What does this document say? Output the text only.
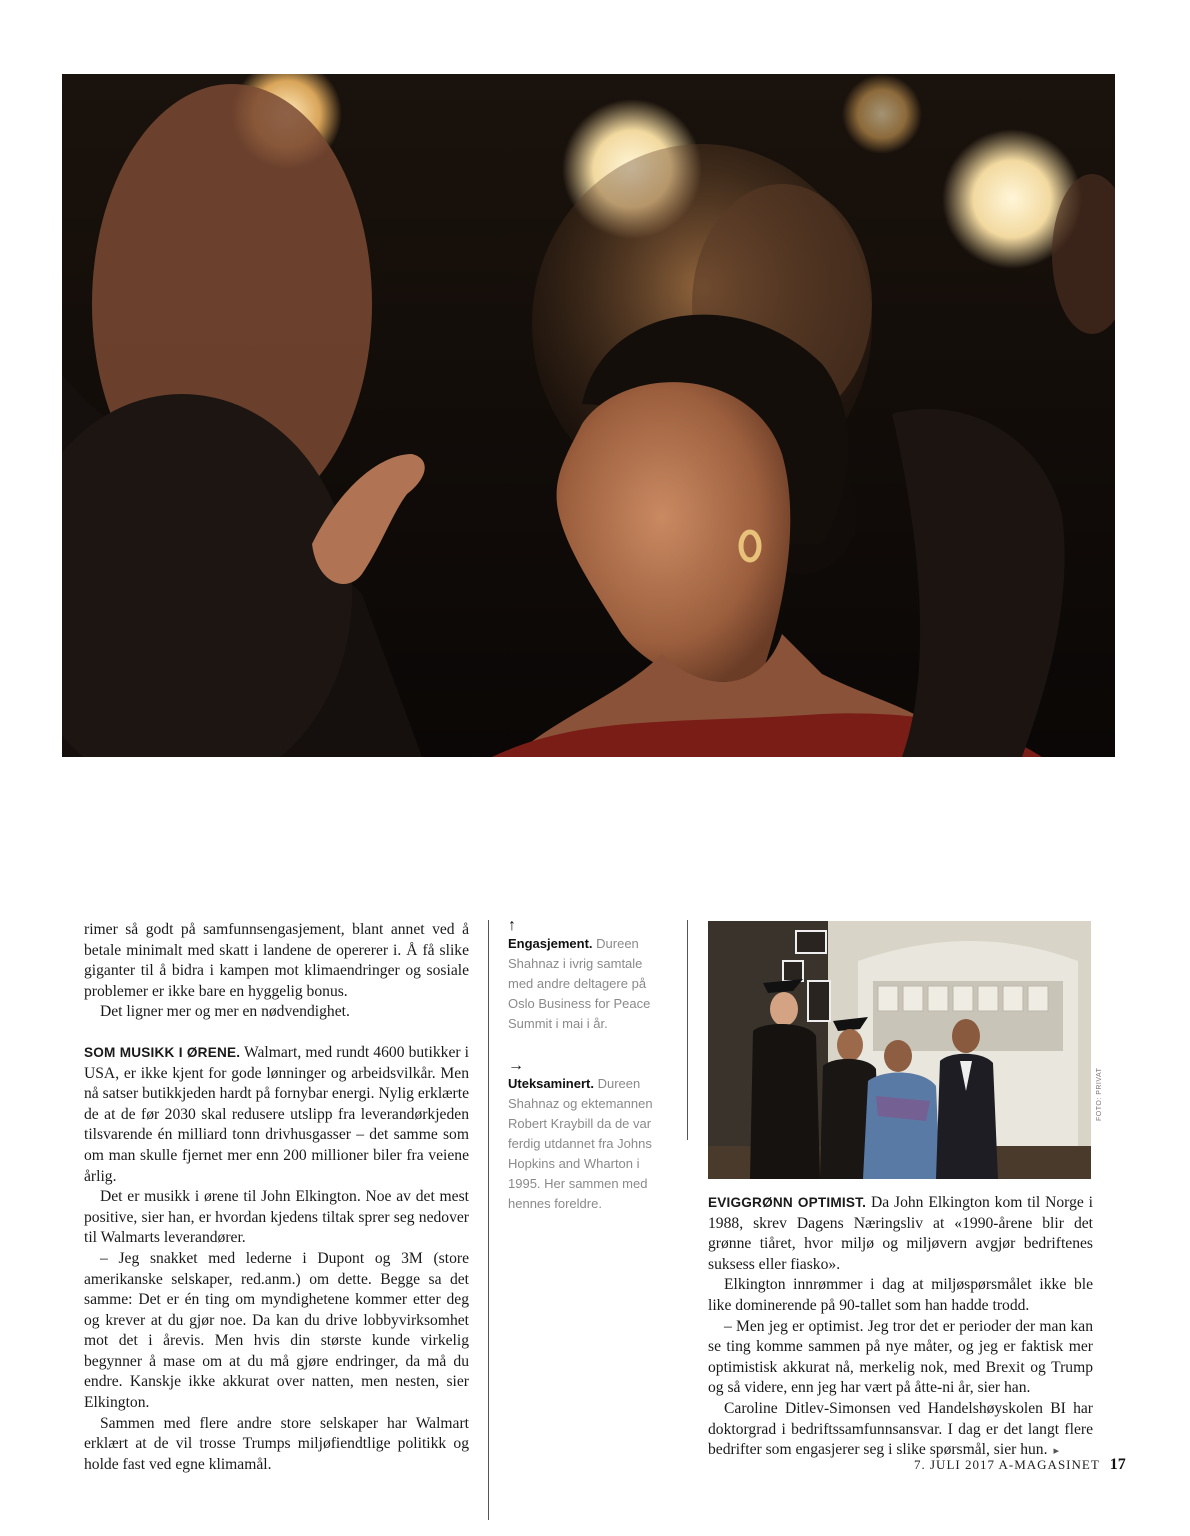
rimer så godt på samfunnsengasjement, blant annet ved å betale minimalt med skatt i landene de opererer i. Å få slike giganter til å bidra i kampen mot klimaendringer og sosiale problemer er ikke bare en hyggelig bonus.

Det ligner mer og mer en nødvendighet.

SOM MUSIKK I ØRENE. Walmart, med rundt 4600 butikker i USA, er ikke kjent for gode lønninger og arbeidsvilkår. Men nå satser butikkjeden hardt på fornybar energi. Nylig erklærte de at de før 2030 skal redusere utslipp fra leverandørkjeden tilsvarende én milliard tonn drivhusgasser – det samme som om man skulle fjernet mer enn 200 millioner biler fra veiene årlig.

Det er musikk i ørene til John Elkington. Noe av det mest positive, sier han, er hvordan kjedens tiltak sprer seg nedover til Walmarts leverandører.

– Jeg snakket med lederne i Dupont og 3M (store amerikanske selskaper, red.anm.) om dette. Begge sa det samme: Det er én ting om myndighetene kommer etter deg og krever at du gjør noe. Da kan du drive lobbyvirksomhet mot det i årevis. Men hvis din største kunde virkelig begynner å mase om at du må gjøre endringer, da må du endre. Kanskje ikke akkurat over natten, men nesten, sier Elkington.

Sammen med flere andre store selskaper har Walmart erklært at de vil trosse Trumps miljøfiendtlige politikk og holde fast ved egne klimamål.

↑
Engasjement. Dureen Shahnaz i ivrig samtale med andre deltagere på Oslo Business for Peace Summit i mai i år.
→
Uteksaminert. Dureen Shahnaz og ektemannen Robert Kraybill da de var ferdig utdannet fra Johns Hopkins and Wharton i 1995. Her sammen med hennes foreldre.
FOTO: PRIVAT

EVIGGRØNN OPTIMIST. Da John Elkington kom til Norge i 1988, skrev Dagens Næringsliv at «1990-årene blir det grønne tiåret, hvor miljø og miljøvern avgjør bedriftenes suksess eller fiasko».

Elkington innrømmer i dag at miljøspørsmålet ikke ble like dominerende på 90-tallet som han hadde trodd.

– Men jeg er optimist. Jeg tror det er perioder der man kan se ting komme sammen på nye måter, og jeg er faktisk mer optimistisk akkurat nå, merkelig nok, med Brexit og Trump og så videre, enn jeg har vært på åtte-ni år, sier han.

Caroline Ditlev-Simonsen ved Handelshøyskolen BI har doktorgrad i bedriftssamfunnsansvar. I dag er det langt flere bedrifter som engasjerer seg i slike spørsmål, sier hun. ▸

7. JULI 2017 A-MAGASINET 17
